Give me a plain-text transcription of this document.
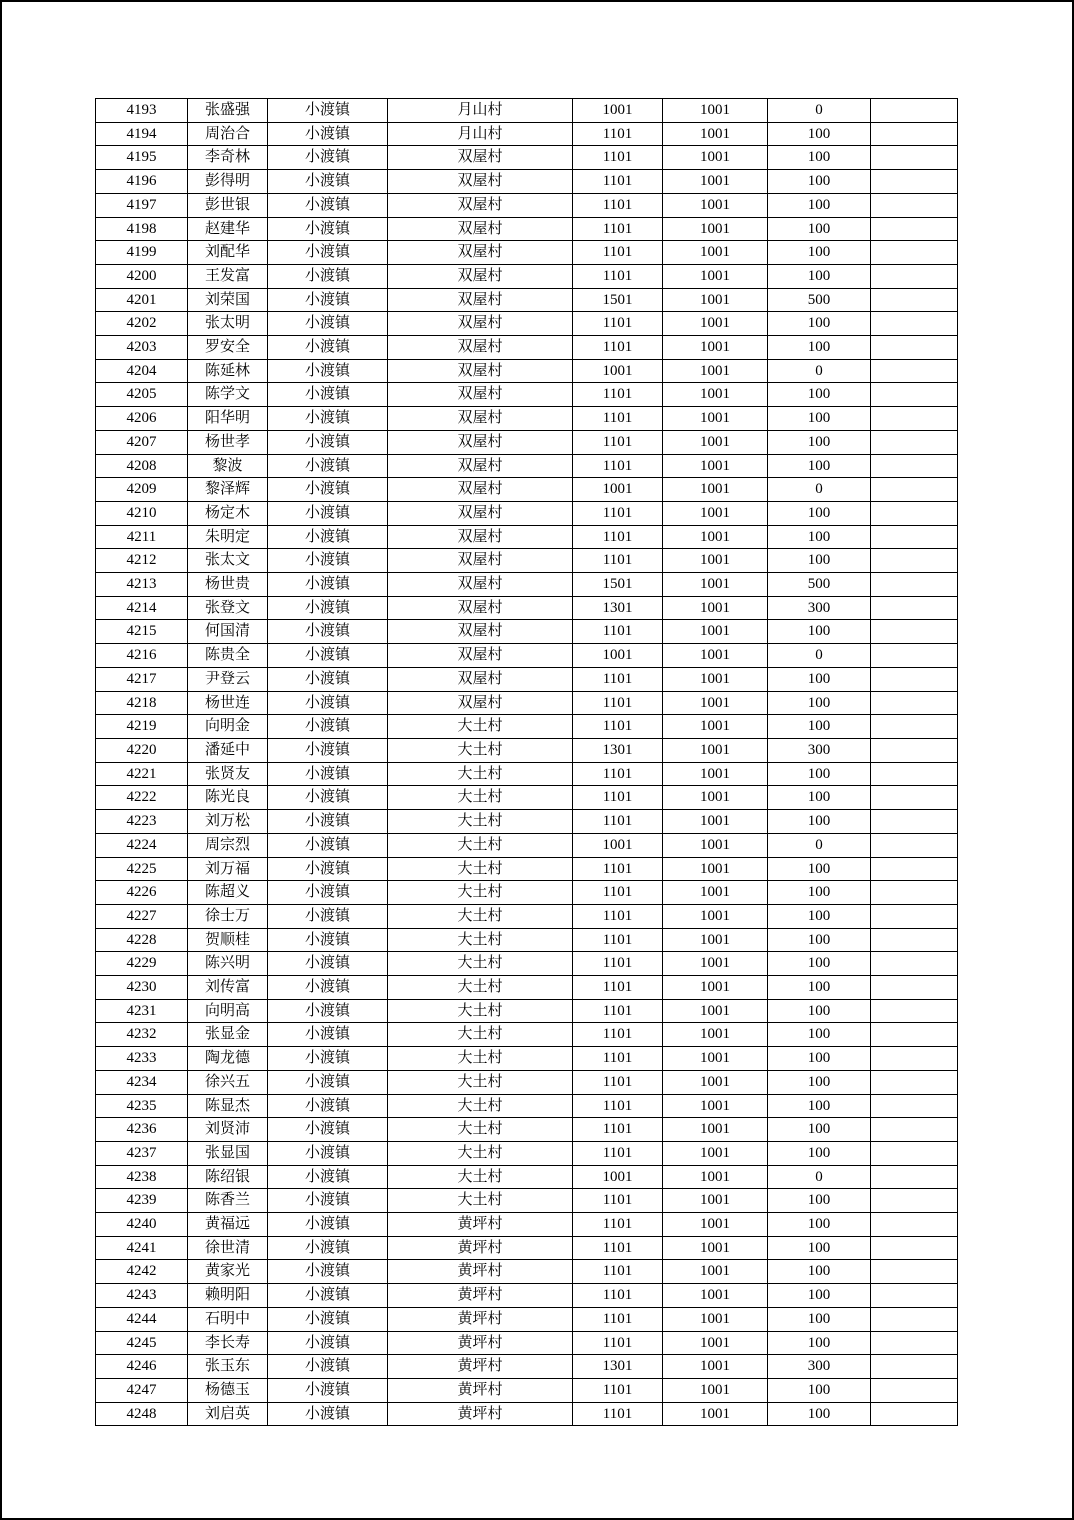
4193	张盛强	小渡镇	月山村	1001	1001	0	
4194	周治合	小渡镇	月山村	1101	1001	100	
4195	李奇林	小渡镇	双屋村	1101	1001	100	
4196	彭得明	小渡镇	双屋村	1101	1001	100	
4197	彭世银	小渡镇	双屋村	1101	1001	100	
4198	赵建华	小渡镇	双屋村	1101	1001	100	
4199	刘配华	小渡镇	双屋村	1101	1001	100	
4200	王发富	小渡镇	双屋村	1101	1001	100	
4201	刘荣国	小渡镇	双屋村	1501	1001	500	
4202	张太明	小渡镇	双屋村	1101	1001	100	
4203	罗安全	小渡镇	双屋村	1101	1001	100	
4204	陈延林	小渡镇	双屋村	1001	1001	0	
4205	陈学文	小渡镇	双屋村	1101	1001	100	
4206	阳华明	小渡镇	双屋村	1101	1001	100	
4207	杨世孝	小渡镇	双屋村	1101	1001	100	
4208	黎波	小渡镇	双屋村	1101	1001	100	
4209	黎泽辉	小渡镇	双屋村	1001	1001	0	
4210	杨定木	小渡镇	双屋村	1101	1001	100	
4211	朱明定	小渡镇	双屋村	1101	1001	100	
4212	张太文	小渡镇	双屋村	1101	1001	100	
4213	杨世贵	小渡镇	双屋村	1501	1001	500	
4214	张登文	小渡镇	双屋村	1301	1001	300	
4215	何国清	小渡镇	双屋村	1101	1001	100	
4216	陈贵全	小渡镇	双屋村	1001	1001	0	
4217	尹登云	小渡镇	双屋村	1101	1001	100	
4218	杨世连	小渡镇	双屋村	1101	1001	100	
4219	向明金	小渡镇	大土村	1101	1001	100	
4220	潘延中	小渡镇	大土村	1301	1001	300	
4221	张贤友	小渡镇	大土村	1101	1001	100	
4222	陈光良	小渡镇	大土村	1101	1001	100	
4223	刘万松	小渡镇	大土村	1101	1001	100	
4224	周宗烈	小渡镇	大土村	1001	1001	0	
4225	刘万福	小渡镇	大土村	1101	1001	100	
4226	陈超义	小渡镇	大土村	1101	1001	100	
4227	徐士万	小渡镇	大土村	1101	1001	100	
4228	贺顺桂	小渡镇	大土村	1101	1001	100	
4229	陈兴明	小渡镇	大土村	1101	1001	100	
4230	刘传富	小渡镇	大土村	1101	1001	100	
4231	向明高	小渡镇	大土村	1101	1001	100	
4232	张显金	小渡镇	大土村	1101	1001	100	
4233	陶龙德	小渡镇	大土村	1101	1001	100	
4234	徐兴五	小渡镇	大土村	1101	1001	100	
4235	陈显杰	小渡镇	大土村	1101	1001	100	
4236	刘贤沛	小渡镇	大土村	1101	1001	100	
4237	张显国	小渡镇	大土村	1101	1001	100	
4238	陈绍银	小渡镇	大土村	1001	1001	0	
4239	陈香兰	小渡镇	大土村	1101	1001	100	
4240	黄福远	小渡镇	黄坪村	1101	1001	100	
4241	徐世清	小渡镇	黄坪村	1101	1001	100	
4242	黄家光	小渡镇	黄坪村	1101	1001	100	
4243	赖明阳	小渡镇	黄坪村	1101	1001	100	
4244	石明中	小渡镇	黄坪村	1101	1001	100	
4245	李长寿	小渡镇	黄坪村	1101	1001	100	
4246	张玉东	小渡镇	黄坪村	1301	1001	300	
4247	杨德玉	小渡镇	黄坪村	1101	1001	100	
4248	刘启英	小渡镇	黄坪村	1101	1001	100	
